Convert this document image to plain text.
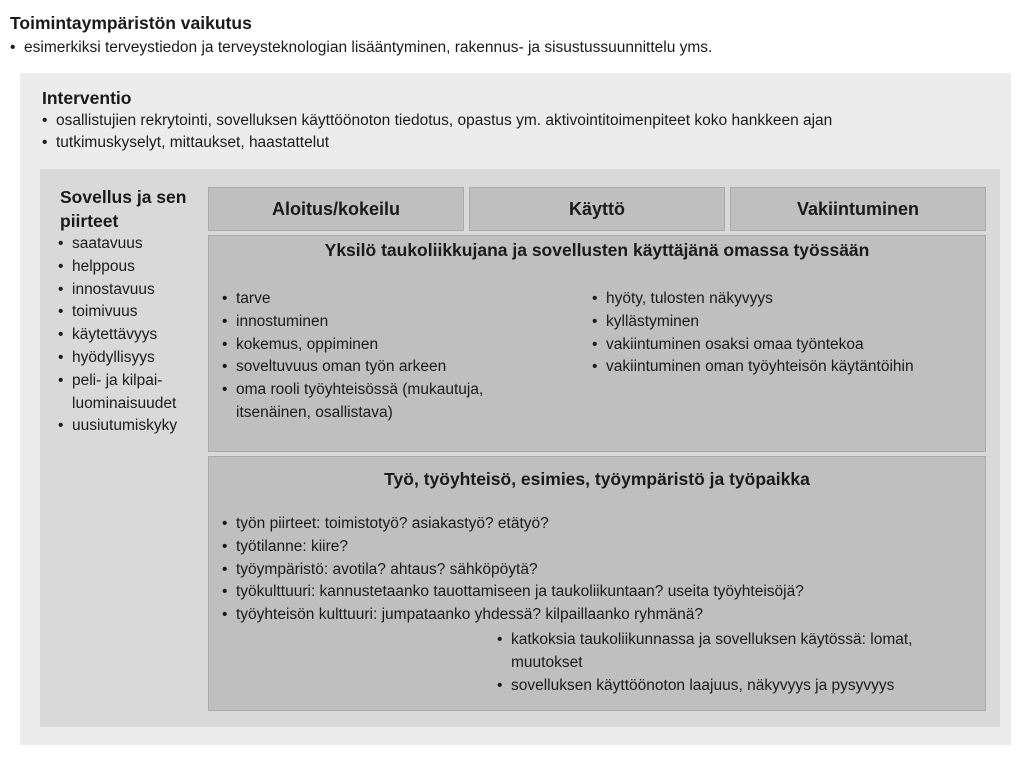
Toimintaympäristön vaikutus
• esimerkiksi terveystiedon ja terveysteknologian lisääntyminen, rakennus- ja sisustussuunnittelu yms.
Interventio
• osallistujien rekrytointi, sovelluksen käyttöönoton tiedotus, opastus ym. aktivointitoimenpiteet koko hankkeen ajan
• tutkimuskyselyt, mittaukset, haastattelut
Sovellus ja sen piirteet
• saatavuus
• helppous
• innostavuus
• toimivuus
• käytettävyys
• hyödyllisyys
• peli- ja kilpai-luominaisuudet
• uusiutumiskyky
Aloitus/kokeilu	Käyttö	Vakiintuminen
Yksilö taukoliikkujana ja sovellusten käyttäjänä omassa työssään
• tarve
• innostuminen
• kokemus, oppiminen
• soveltuvuus oman työn arkeen
• oma rooli työyhteisössä (mukautuja, itsenäinen, osallistava)
• hyöty, tulosten näkyvyys
• kyllästyminen
• vakiintuminen osaksi omaa työntekoa
• vakiintuminen oman työyhteisön käytäntöihin
Työ, työyhteisö, esimies, työympäristö ja työpaikka
• työn piirteet: toimistotyö? asiakastyö? etätyö?
• työtilanne: kiire?
• työympäristö: avotila? ahtaus? sähköpöytä?
• työkulttuuri: kannustetaanko tauottamiseen ja taukoliikuntaan? useita työyhteisöjä?
• työyhteisön kulttuuri: jumpataanko yhdessä? kilpaillaanko ryhmänä?
• katkoksia taukoliikunnassa ja sovelluksen käytössä: lomat, muutokset
• sovelluksen käyttöönoton laajuus, näkyvyys ja pysyvyys
